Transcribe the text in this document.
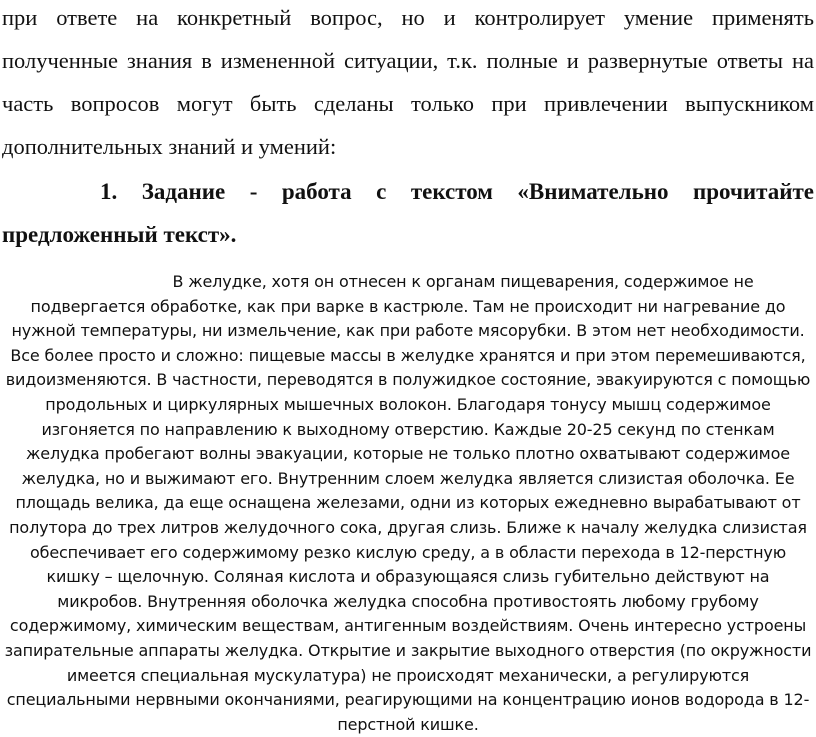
при ответе на конкретный вопрос, но и контролирует умение применять полученные знания в измененной ситуации, т.к. полные и развернутые ответы на часть вопросов могут быть сделаны только при привлечении выпускником дополнительных знаний и умений:

1. Задание - работа с текстом «Внимательно прочитайте предложенный текст».

В желудке, хотя он отнесен к органам пищеварения, содержимое не подвергается обработке, как при варке в кастрюле. Там не происходит ни нагревание до нужной температуры, ни измельчение, как при работе мясорубки. В этом нет необходимости. Все более просто и сложно: пищевые массы в желудке хранятся и при этом перемешиваются, видоизменяются. В частности, переводятся в полужидкое состояние, эвакуируются с помощью продольных и циркулярных мышечных волокон. Благодаря тонусу мышц содержимое изгоняется по направлению к выходному отверстию. Каждые 20-25 секунд по стенкам желудка пробегают волны эвакуации, которые не только плотно охватывают содержимое желудка, но и выжимают его. Внутренним слоем желудка является слизистая оболочка. Ее площадь велика, да еще оснащена железами, одни из которых ежедневно вырабатывают от полутора до трех литров желудочного сока, другая слизь. Ближе к началу желудка слизистая обеспечивает его содержимому резко кислую среду, а в области перехода в 12-перстную кишку – щелочную. Соляная кислота и образующаяся слизь губительно действуют на микробов. Внутренняя оболочка желудка способна противостоять любому грубому содержимому, химическим веществам, антигенным воздействиям. Очень интересно устроены запирательные аппараты желудка. Открытие и закрытие выходного отверстия (по окружности имеется специальная мускулатура) не происходят механически, а регулируются специальными нервными окончаниями, реагирующими на концентрацию ионов водорода в 12-перстной кишке.
